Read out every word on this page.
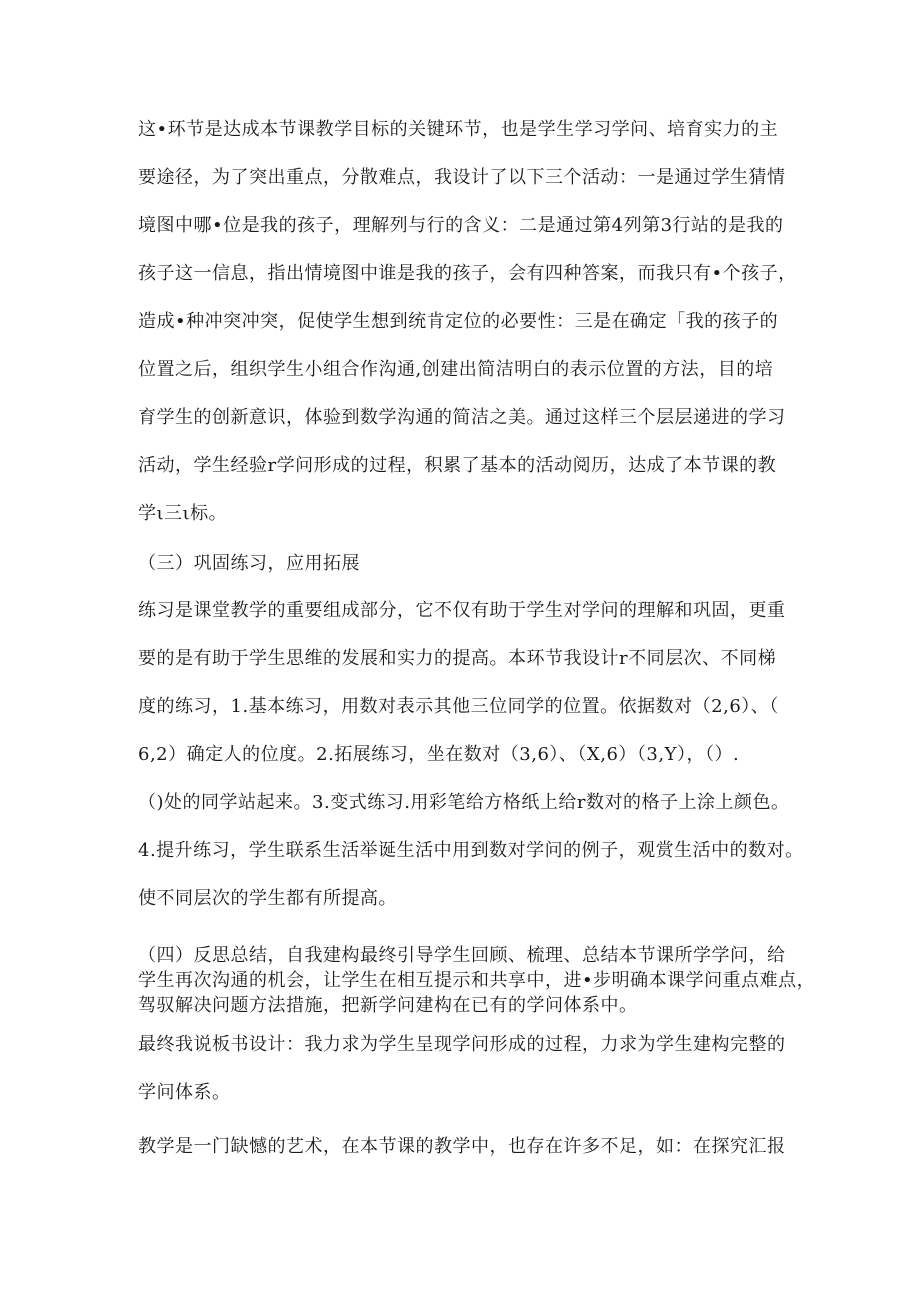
这•环节是达成本节课教学目标的关键环节，也是学生学习学问、培育实力的主
要途径，为了突出重点，分散难点，我设计了以下三个活动：一是通过学生猜情
境图中哪•位是我的孩子，理解列与行的含义：二是通过第4列第3行站的是我的
孩子这一信息，指出情境图中谁是我的孩子，会有四种答案，而我只有•个孩子，
造成•种冲突冲突，促使学生想到统肯定位的必要性：三是在确定「我的孩子的
位置之后，组织学生小组合作沟通,创建出简洁明白的表示位置的方法，目的培
育学生的创新意识，体验到数学沟通的简洁之美。通过这样三个层层递进的学习
活动，学生经验r学问形成的过程，积累了基本的活动阅历，达成了本节课的教
学ι三ι标。
（三）巩固练习，应用拓展
练习是课堂教学的重要组成部分，它不仅有助于学生对学问的理解和巩固，更重
要的是有助于学生思维的发展和实力的提高。本环节我设计r不同层次、不同梯
度的练习，1.基本练习，用数对表示其他三位同学的位置。依据数对（2,6）、（
6,2）确定人的位度。2.拓展练习，坐在数对（3,6）、（X,6）（3,Y），（）.
（)处的同学站起来。3.变式练习.用彩笔给方格纸上给r数对的格子上涂上颜色。
4.提升练习，学生联系生活举诞生活中用到数对学问的例子，观赏生活中的数对。
使不同层次的学生都有所提高。
（四）反思总结，自我建构最终引导学生回顾、梳理、总结本节课所学学问，给
学生再次沟通的机会，让学生在相互提示和共享中，进•步明确本课学问重点难点，
驾驭解决问题方法措施，把新学问建构在已有的学问体系中。
最终我说板书设计：我力求为学生呈现学问形成的过程，力求为学生建构完整的
学问体系。
教学是一门缺憾的艺术，在本节课的教学中，也存在许多不足，如：在探究汇报
